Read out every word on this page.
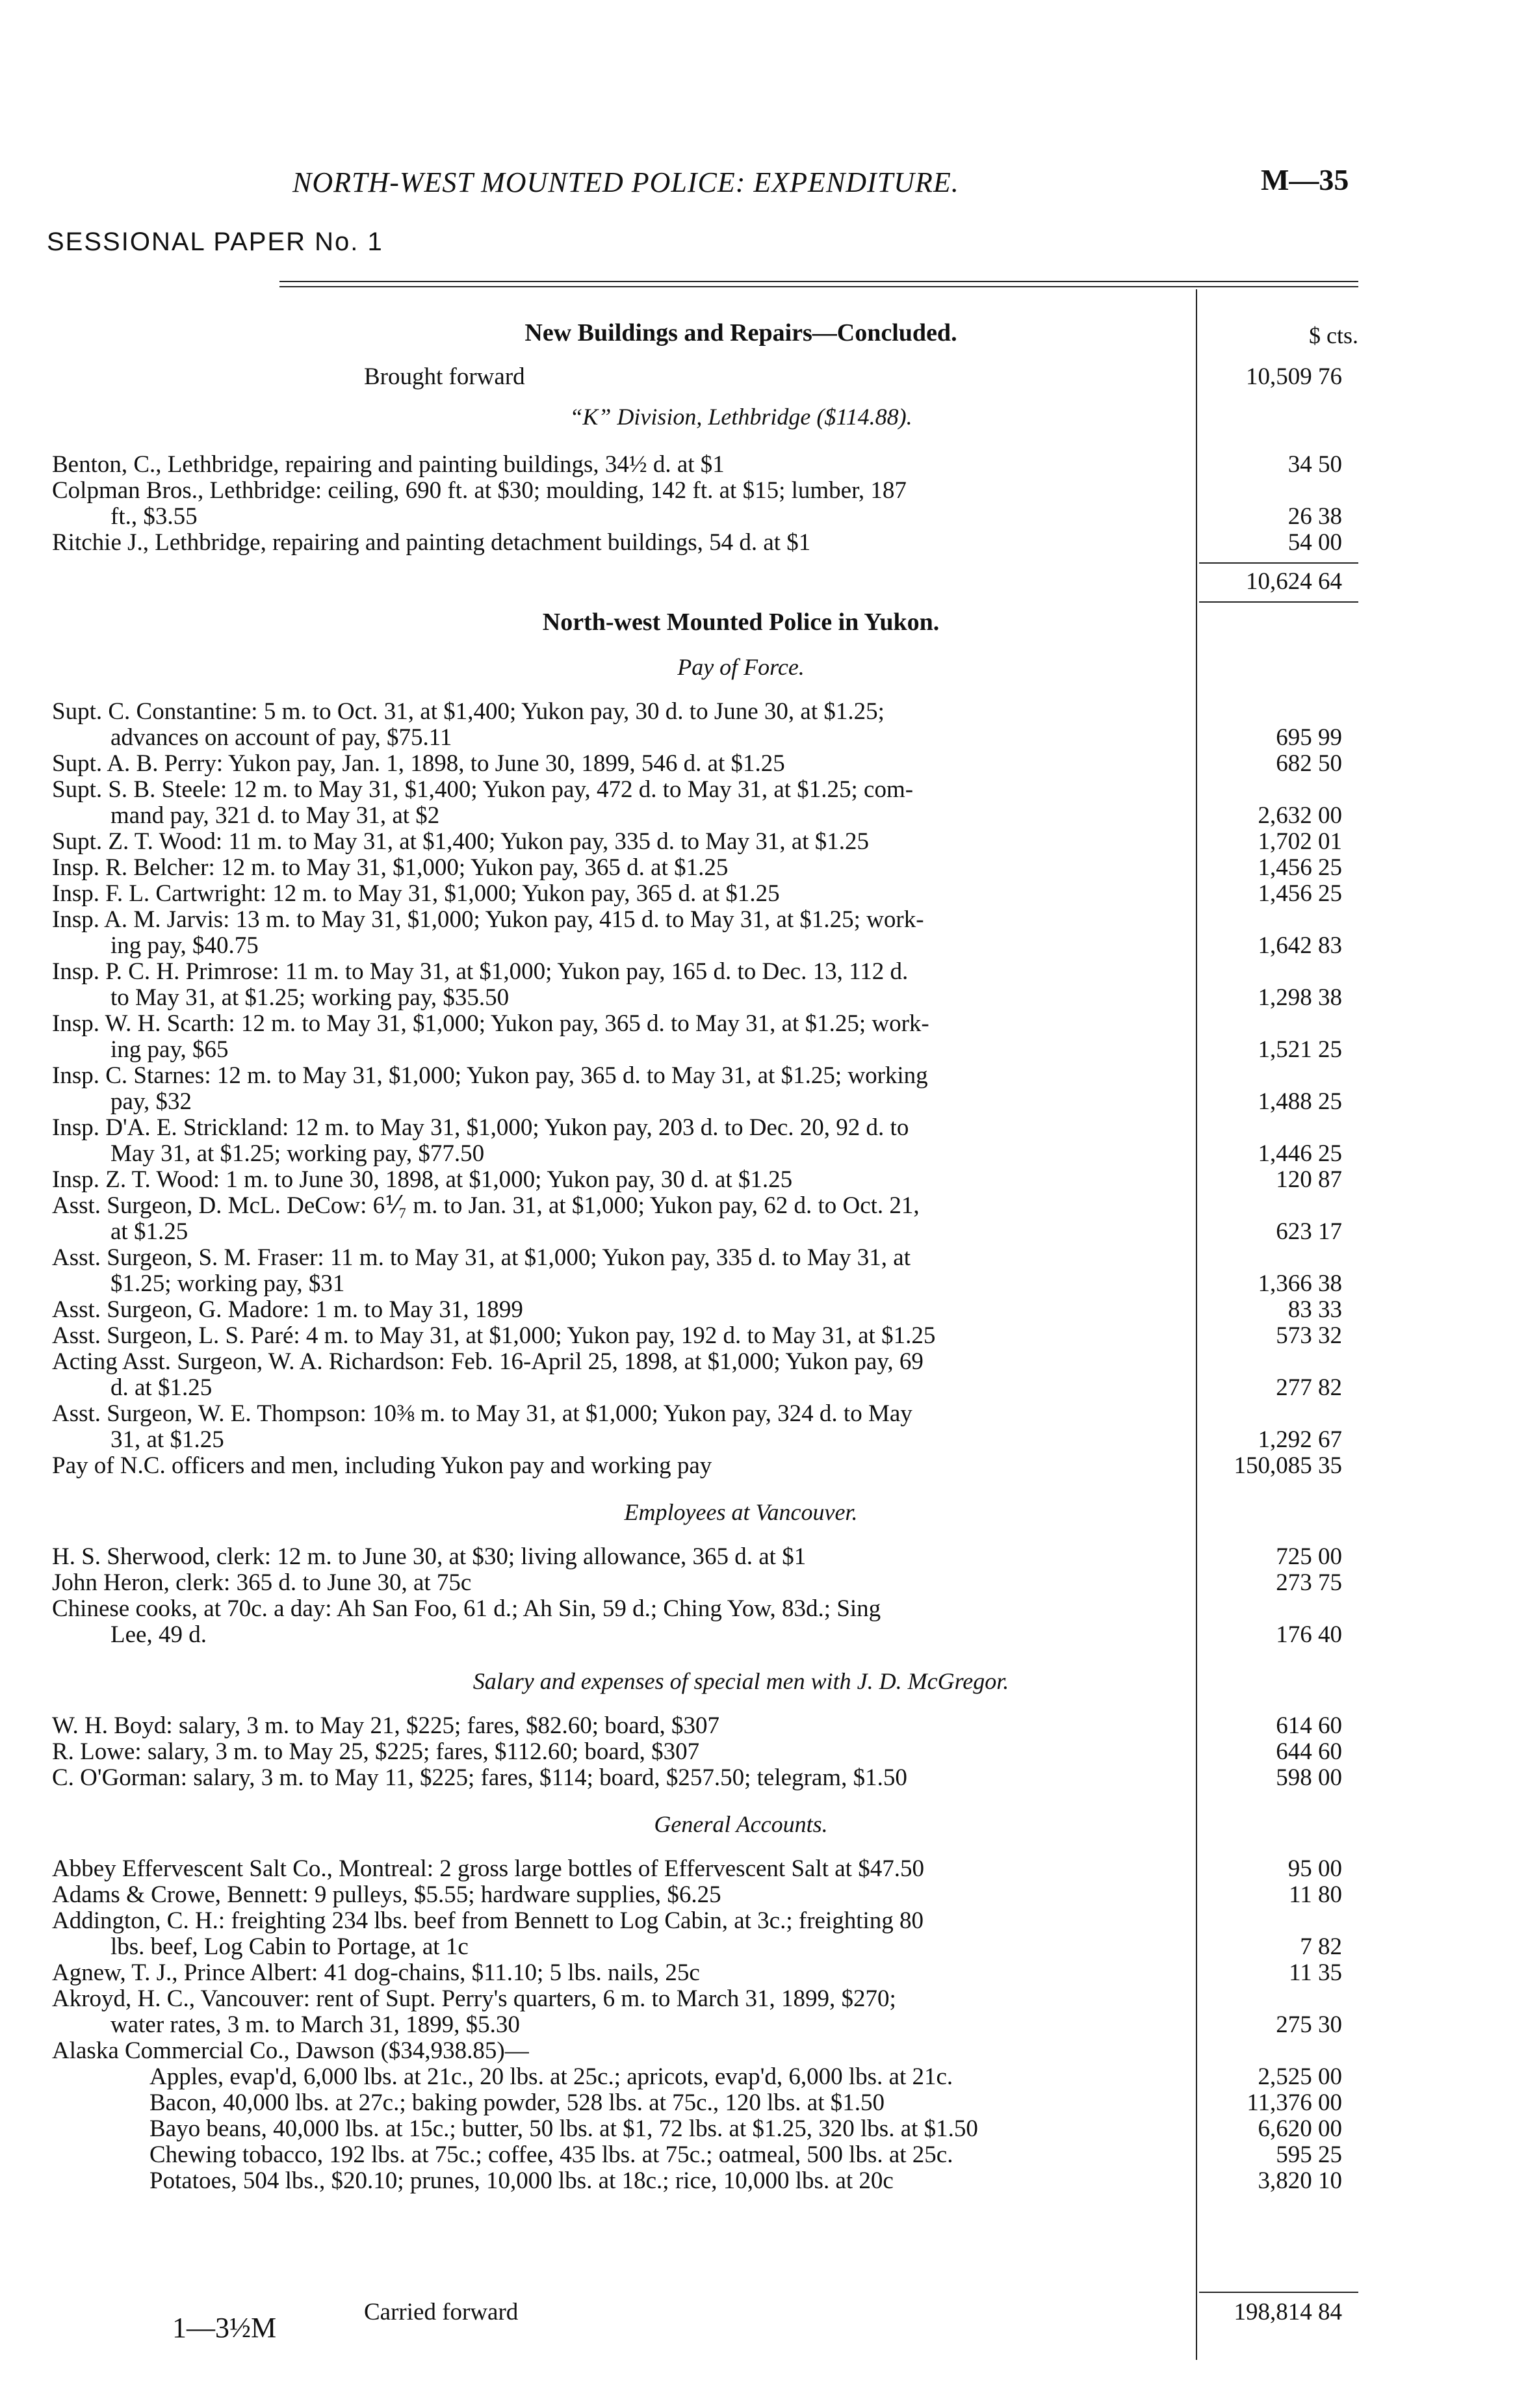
NORTH-WEST MOUNTED POLICE: EXPENDITURE.	M—35
SESSIONAL PAPER No. 1
New Buildings and Repairs—Concluded.	$ cts.
Brought forward	10,509 76
“K” Division, Lethbridge ($114.88).
Benton, C., Lethbridge, repairing and painting buildings, 34½ d. at $1	34 50
Colpman Bros., Lethbridge: ceiling, 690 ft. at $30; moulding, 142 ft. at $15; lumber, 187
ft., $3.55	26 38
Ritchie J., Lethbridge, repairing and painting detachment buildings, 54 d. at $1	54 00
10,624 64
North-west Mounted Police in Yukon.
Pay of Force.
Supt. C. Constantine: 5 m. to Oct. 31, at $1,400; Yukon pay, 30 d. to June 30, at $1.25;
advances on account of pay, $75.11	695 99
Supt. A. B. Perry: Yukon pay, Jan. 1, 1898, to June 30, 1899, 546 d. at $1.25	682 50
Supt. S. B. Steele: 12 m. to May 31, $1,400; Yukon pay, 472 d. to May 31, at $1.25; com-
mand pay, 321 d. to May 31, at $2	2,632 00
Supt. Z. T. Wood: 11 m. to May 31, at $1,400; Yukon pay, 335 d. to May 31, at $1.25	1,702 01
Insp. R. Belcher: 12 m. to May 31, $1,000; Yukon pay, 365 d. at $1.25	1,456 25
Insp. F. L. Cartwright: 12 m. to May 31, $1,000; Yukon pay, 365 d. at $1.25	1,456 25
Insp. A. M. Jarvis: 13 m. to May 31, $1,000; Yukon pay, 415 d. to May 31, at $1.25; work-
ing pay, $40.75	1,642 83
Insp. P. C. H. Primrose: 11 m. to May 31, at $1,000; Yukon pay, 165 d. to Dec. 13, 112 d.
to May 31, at $1.25; working pay, $35.50	1,298 38
Insp. W. H. Scarth: 12 m. to May 31, $1,000; Yukon pay, 365 d. to May 31, at $1.25; work-
ing pay, $65	1,521 25
Insp. C. Starnes: 12 m. to May 31, $1,000; Yukon pay, 365 d. to May 31, at $1.25; working
pay, $32	1,488 25
Insp. D'A. E. Strickland: 12 m. to May 31, $1,000; Yukon pay, 203 d. to Dec. 20, 92 d. to
May 31, at $1.25; working pay, $77.50	1,446 25
Insp. Z. T. Wood: 1 m. to June 30, 1898, at $1,000; Yukon pay, 30 d. at $1.25	120 87
Asst. Surgeon, D. McL. DeCow: 6⅟₇ m. to Jan. 31, at $1,000; Yukon pay, 62 d. to Oct. 21,
at $1.25	623 17
Asst. Surgeon, S. M. Fraser: 11 m. to May 31, at $1,000; Yukon pay, 335 d. to May 31, at
$1.25; working pay, $31	1,366 38
Asst. Surgeon, G. Madore: 1 m. to May 31, 1899	83 33
Asst. Surgeon, L. S. Paré: 4 m. to May 31, at $1,000; Yukon pay, 192 d. to May 31, at $1.25	573 32
Acting Asst. Surgeon, W. A. Richardson: Feb. 16-April 25, 1898, at $1,000; Yukon pay, 69
d. at $1.25	277 82
Asst. Surgeon, W. E. Thompson: 10⅜ m. to May 31, at $1,000; Yukon pay, 324 d. to May
31, at $1.25	1,292 67
Pay of N.C. officers and men, including Yukon pay and working pay	150,085 35
Employees at Vancouver.
H. S. Sherwood, clerk: 12 m. to June 30, at $30; living allowance, 365 d. at $1	725 00
John Heron, clerk: 365 d. to June 30, at 75c	273 75
Chinese cooks, at 70c. a day: Ah San Foo, 61 d.; Ah Sin, 59 d.; Ching Yow, 83d.; Sing
Lee, 49 d.	176 40
Salary and expenses of special men with J. D. McGregor.
W. H. Boyd: salary, 3 m. to May 21, $225; fares, $82.60; board, $307	614 60
R. Lowe: salary, 3 m. to May 25, $225; fares, $112.60; board, $307	644 60
C. O'Gorman: salary, 3 m. to May 11, $225; fares, $114; board, $257.50; telegram, $1.50	598 00
General Accounts.
Abbey Effervescent Salt Co., Montreal: 2 gross large bottles of Effervescent Salt at $47.50	95 00
Adams & Crowe, Bennett: 9 pulleys, $5.55; hardware supplies, $6.25	11 80
Addington, C. H.: freighting 234 lbs. beef from Bennett to Log Cabin, at 3c.; freighting 80
lbs. beef, Log Cabin to Portage, at 1c	7 82
Agnew, T. J., Prince Albert: 41 dog-chains, $11.10; 5 lbs. nails, 25c	11 35
Akroyd, H. C., Vancouver: rent of Supt. Perry's quarters, 6 m. to March 31, 1899, $270;
water rates, 3 m. to March 31, 1899, $5.30	275 30
Alaska Commercial Co., Dawson ($34,938.85)—
Apples, evap'd, 6,000 lbs. at 21c., 20 lbs. at 25c.; apricots, evap'd, 6,000 lbs. at 21c.	2,525 00
Bacon, 40,000 lbs. at 27c.; baking powder, 528 lbs. at 75c., 120 lbs. at $1.50	11,376 00
Bayo beans, 40,000 lbs. at 15c.; butter, 50 lbs. at $1, 72 lbs. at $1.25, 320 lbs. at $1.50	6,620 00
Chewing tobacco, 192 lbs. at 75c.; coffee, 435 lbs. at 75c.; oatmeal, 500 lbs. at 25c.	595 25
Potatoes, 504 lbs., $20.10; prunes, 10,000 lbs. at 18c.; rice, 10,000 lbs. at 20c	3,820 10
Carried forward	198,814 84
1—3½M
